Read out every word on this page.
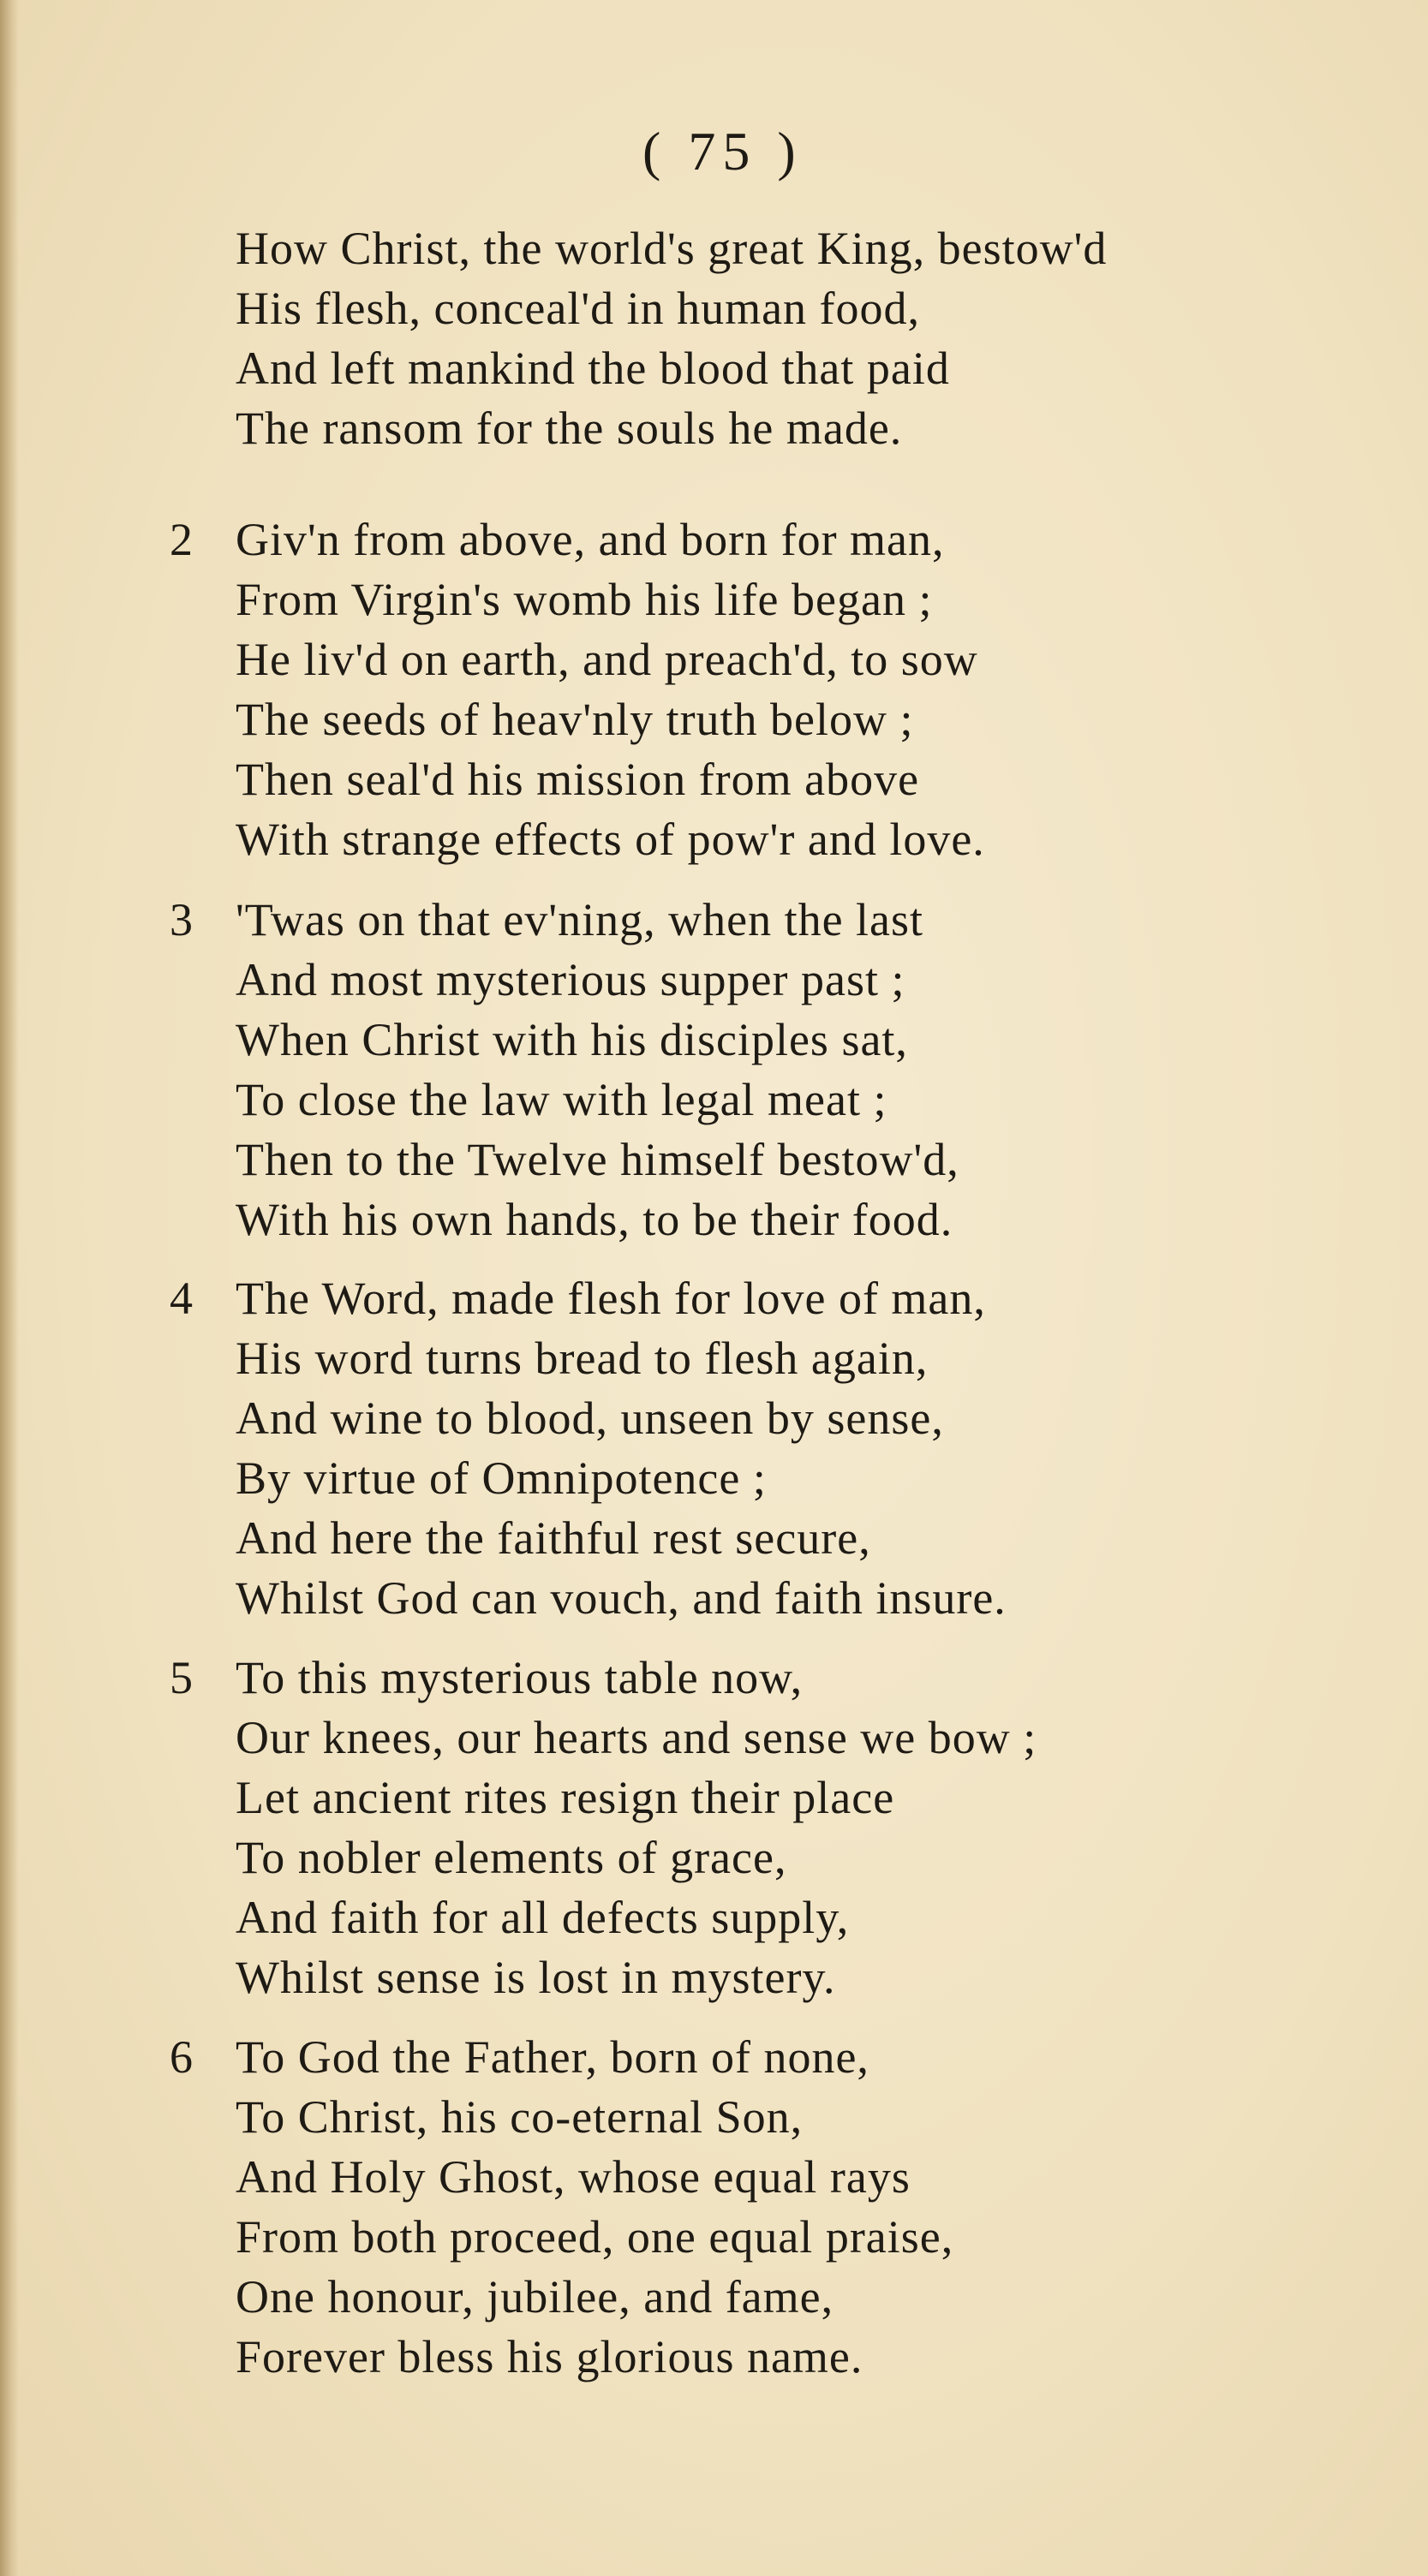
( 75 )
How Christ, the world's great King, bestow'd
His flesh, conceal'd in human food,
And left mankind the blood that paid
The ransom for the souls he made.
2 Giv'n from above, and born for man,
From Virgin's womb his life began ;
He liv'd on earth, and preach'd, to sow
The seeds of heav'nly truth below ;
Then seal'd his mission from above
With strange effects of pow'r and love.
3 'Twas on that ev'ning, when the last
And most mysterious supper past ;
When Christ with his disciples sat,
To close the law with legal meat ;
Then to the Twelve himself bestow'd,
With his own hands, to be their food.
4 The Word, made flesh for love of man,
His word turns bread to flesh again,
And wine to blood, unseen by sense,
By virtue of Omnipotence ;
And here the faithful rest secure,
Whilst God can vouch, and faith insure.
5 To this mysterious table now,
Our knees, our hearts and sense we bow ;
Let ancient rites resign their place
To nobler elements of grace,
And faith for all defects supply,
Whilst sense is lost in mystery.
6 To God the Father, born of none,
To Christ, his co-eternal Son,
And Holy Ghost, whose equal rays
From both proceed, one equal praise,
One honour, jubilee, and fame,
Forever bless his glorious name.
